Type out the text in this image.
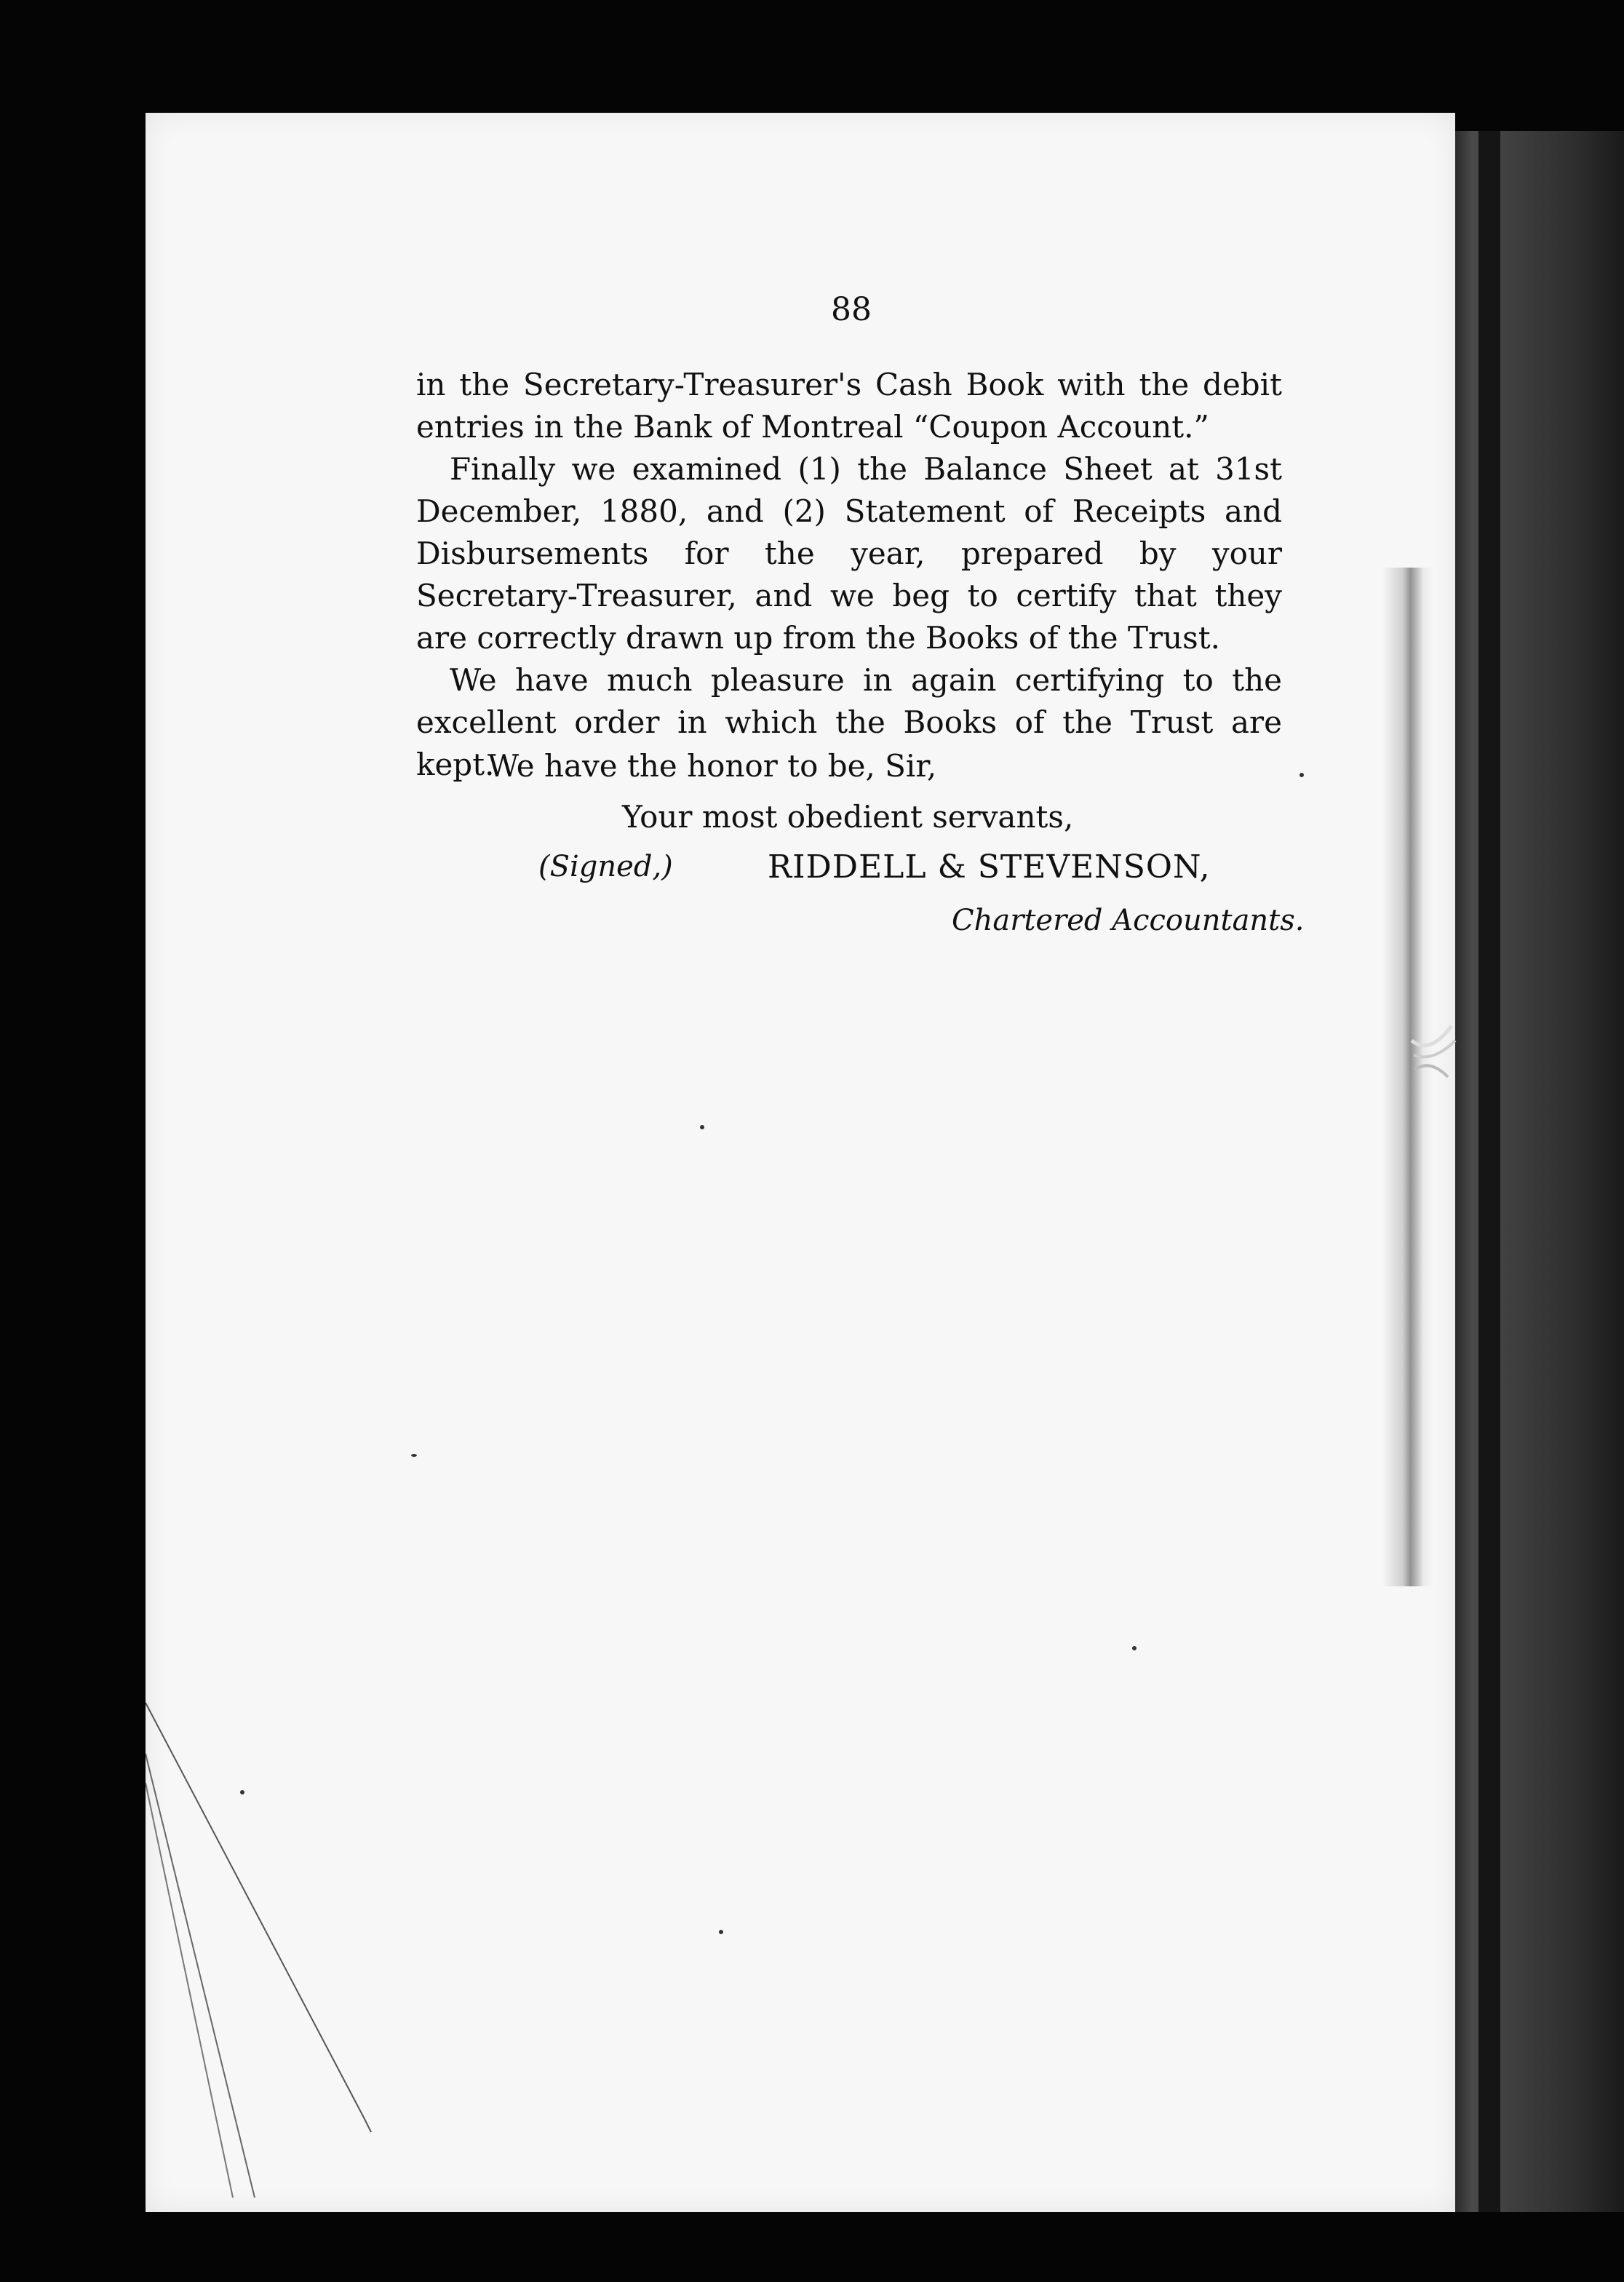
88

in the Secretary-Treasurer's Cash Book with the debit entries in the Bank of Montreal “Coupon Account.”

Finally we examined (1) the Balance Sheet at 31st December, 1880, and (2) Statement of Receipts and Disbursements for the year, prepared by your Secretary-Treasurer, and we beg to certify that they are correctly drawn up from the Books of the Trust.

We have much pleasure in again certifying to the excellent order in which the Books of the Trust are kept.

We have the honor to be, Sir,
Your most obedient servants,
(Signed,)	RIDDELL & STEVENSON,
Chartered Accountants.
